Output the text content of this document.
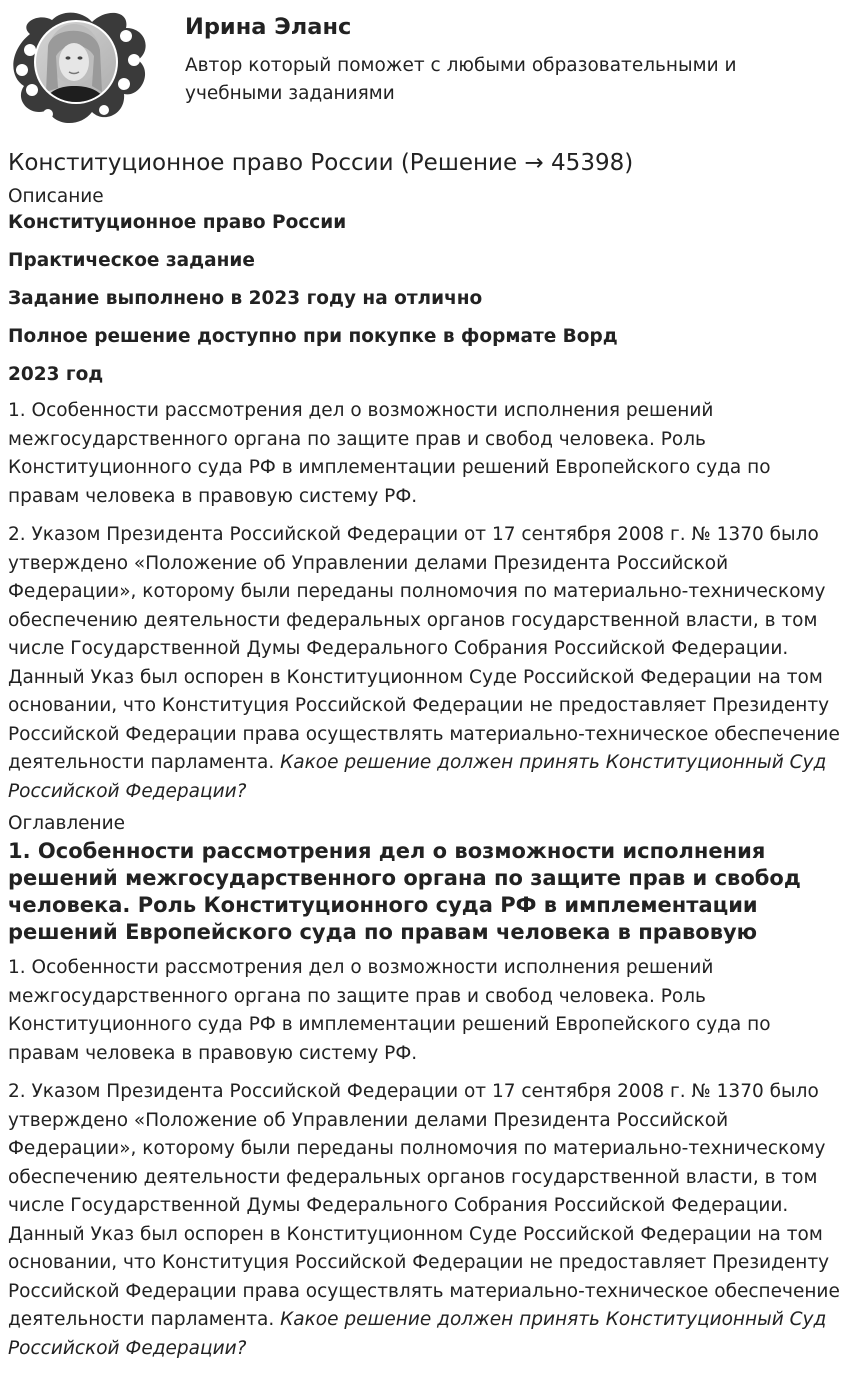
Ирина Эланс
Автор который поможет с любыми образовательными и учебными заданиями
Конституционное право России (Решение → 45398)

Описание

Конституционное право России

Практическое задание

Задание выполнено в 2023 году на отлично

Полное решение доступно при покупке в формате Ворд

2023 год

1. Особенности рассмотрения дел о возможности исполнения решений межгосударственного органа по защите прав и свобод человека. Роль Конституционного суда РФ в имплементации решений Европейского суда по правам человека в правовую систему РФ.

2. Указом Президента Российской Федерации от 17 сентября 2008 г. № 1370 было утверждено «Положение об Управлении делами Президента Российской Федерации», которому были переданы полномочия по материально-техническому обеспечению деятельности федеральных органов государственной власти, в том числе Государственной Думы Федерального Собрания Российской Федерации. Данный Указ был оспорен в Конституционном Суде Российской Федерации на том основании, что Конституция Российской Федерации не предоставляет Президенту Российской Федерации права осуществлять материально-техническое обеспечение деятельности парламента. Какое решение должен принять Конституционный Суд Российской Федерации?

Оглавление

1. Особенности рассмотрения дел о возможности исполнения решений межгосударственного органа по защите прав и свобод человека. Роль Конституционного суда РФ в имплементации решений Европейского суда по правам человека в правовую

1. Особенности рассмотрения дел о возможности исполнения решений межгосударственного органа по защите прав и свобод человека. Роль Конституционного суда РФ в имплементации решений Европейского суда по правам человека в правовую систему РФ.

2. Указом Президента Российской Федерации от 17 сентября 2008 г. № 1370 было утверждено «Положение об Управлении делами Президента Российской Федерации», которому были переданы полномочия по материально-техническому обеспечению деятельности федеральных органов государственной власти, в том числе Государственной Думы Федерального Собрания Российской Федерации. Данный Указ был оспорен в Конституционном Суде Российской Федерации на том основании, что Конституция Российской Федерации не предоставляет Президенту Российской Федерации права осуществлять материально-техническое обеспечение деятельности парламента. Какое решение должен принять Конституционный Суд Российской Федерации?
